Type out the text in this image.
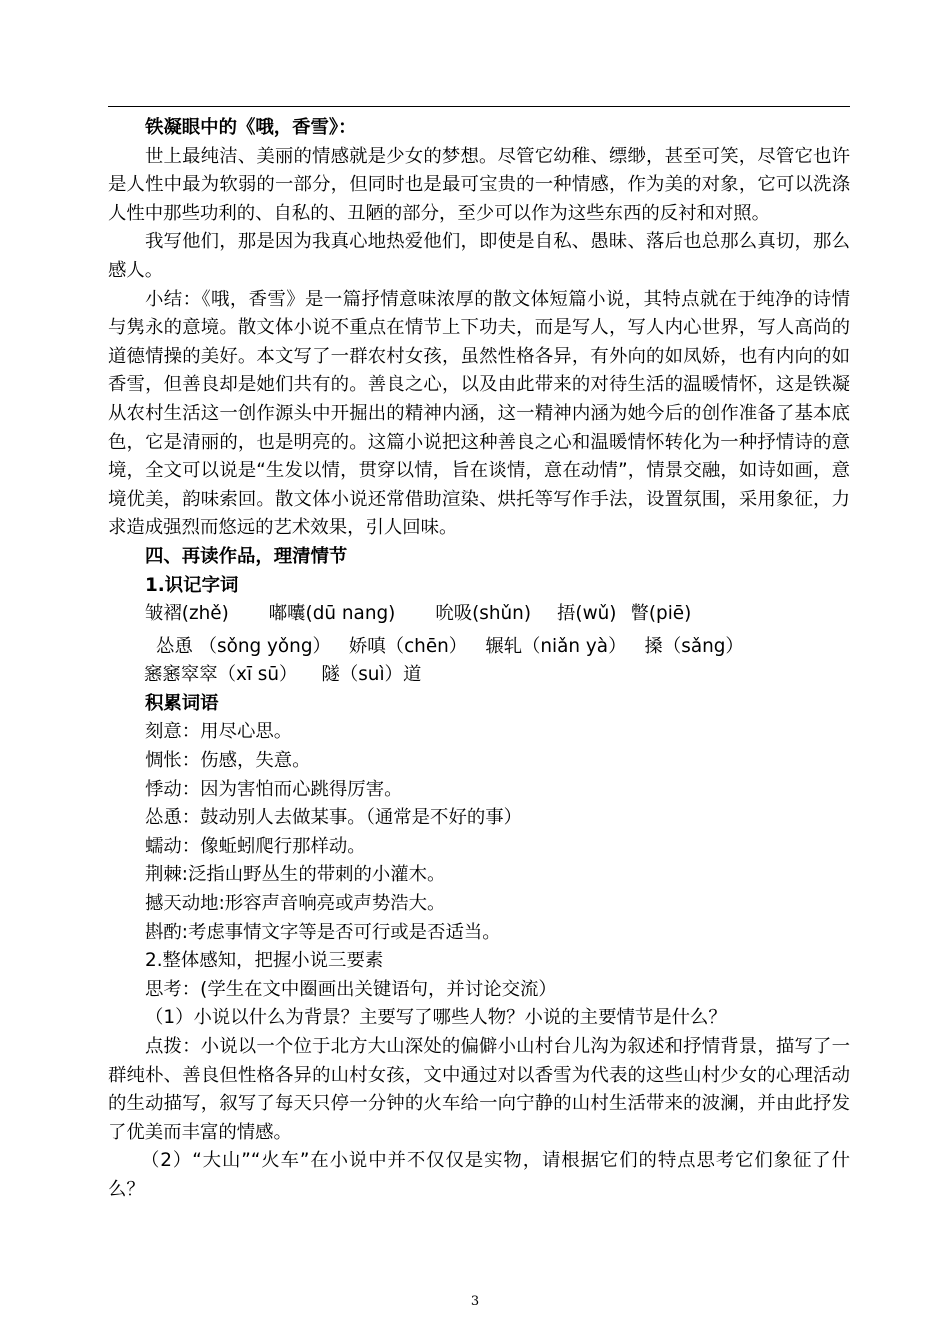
铁凝眼中的《哦，香雪》：

世上最纯洁、美丽的情感就是少女的梦想。尽管它幼稚、缥缈，甚至可笑，尽管它也许是人性中最为软弱的一部分，但同时也是最可宝贵的一种情感，作为美的对象，它可以洗涤人性中那些功利的、自私的、丑陋的部分，至少可以作为这些东西的反衬和对照。

我写他们，那是因为我真心地热爱他们，即使是自私、愚昧、落后也总那么真切，那么感人。

小结：《哦，香雪》是一篇抒情意味浓厚的散文体短篇小说，其特点就在于纯净的诗情与隽永的意境。散文体小说不重点在情节上下功夫，而是写人，写人内心世界，写人高尚的道德情操的美好。本文写了一群农村女孩，虽然性格各异，有外向的如凤娇，也有内向的如香雪，但善良却是她们共有的。善良之心，以及由此带来的对待生活的温暖情怀，这是铁凝从农村生活这一创作源头中开掘出的精神内涵，这一精神内涵为她今后的创作准备了基本底色，它是清丽的，也是明亮的。这篇小说把这种善良之心和温暖情怀转化为一种抒情诗的意境，全文可以说是“生发以情，贯穿以情，旨在谈情，意在动情”，情景交融，如诗如画，意境优美，韵味索回。散文体小说还常借助渲染、烘托等写作手法，设置氛围，采用象征，力求造成强烈而悠远的艺术效果，引人回味。

四、再读作品，理清情节

1.识记字词

皱褶(zhě) 嘟囔(dū nang) 吮吸(shǔn) 捂(wǔ) 瞥(piē)

怂恿 （sǒng yǒng） 娇嗔（chēn） 辗轧（niǎn yà） 搡（sǎng）

窸窸窣窣（xī sū） 隧（suì）道

积累词语

刻意：用尽心思。

惆怅：伤感，失意。

悸动：因为害怕而心跳得厉害。

怂恿：鼓动别人去做某事。（通常是不好的事）

蠕动：像蚯蚓爬行那样动。

荆棘:泛指山野丛生的带刺的小灌木。

撼天动地:形容声音响亮或声势浩大。

斟酌:考虑事情文字等是否可行或是否适当。

2.整体感知，把握小说三要素

思考：(学生在文中圈画出关键语句，并讨论交流）

（1）小说以什么为背景？主要写了哪些人物？小说的主要情节是什么？

点拨：小说以一个位于北方大山深处的偏僻小山村台儿沟为叙述和抒情背景，描写了一群纯朴、善良但性格各异的山村女孩，文中通过对以香雪为代表的这些山村少女的心理活动的生动描写，叙写了每天只停一分钟的火车给一向宁静的山村生活带来的波澜，并由此抒发了优美而丰富的情感。

（2）“大山”“火车”在小说中并不仅仅是实物，请根据它们的特点思考它们象征了什么？

3
